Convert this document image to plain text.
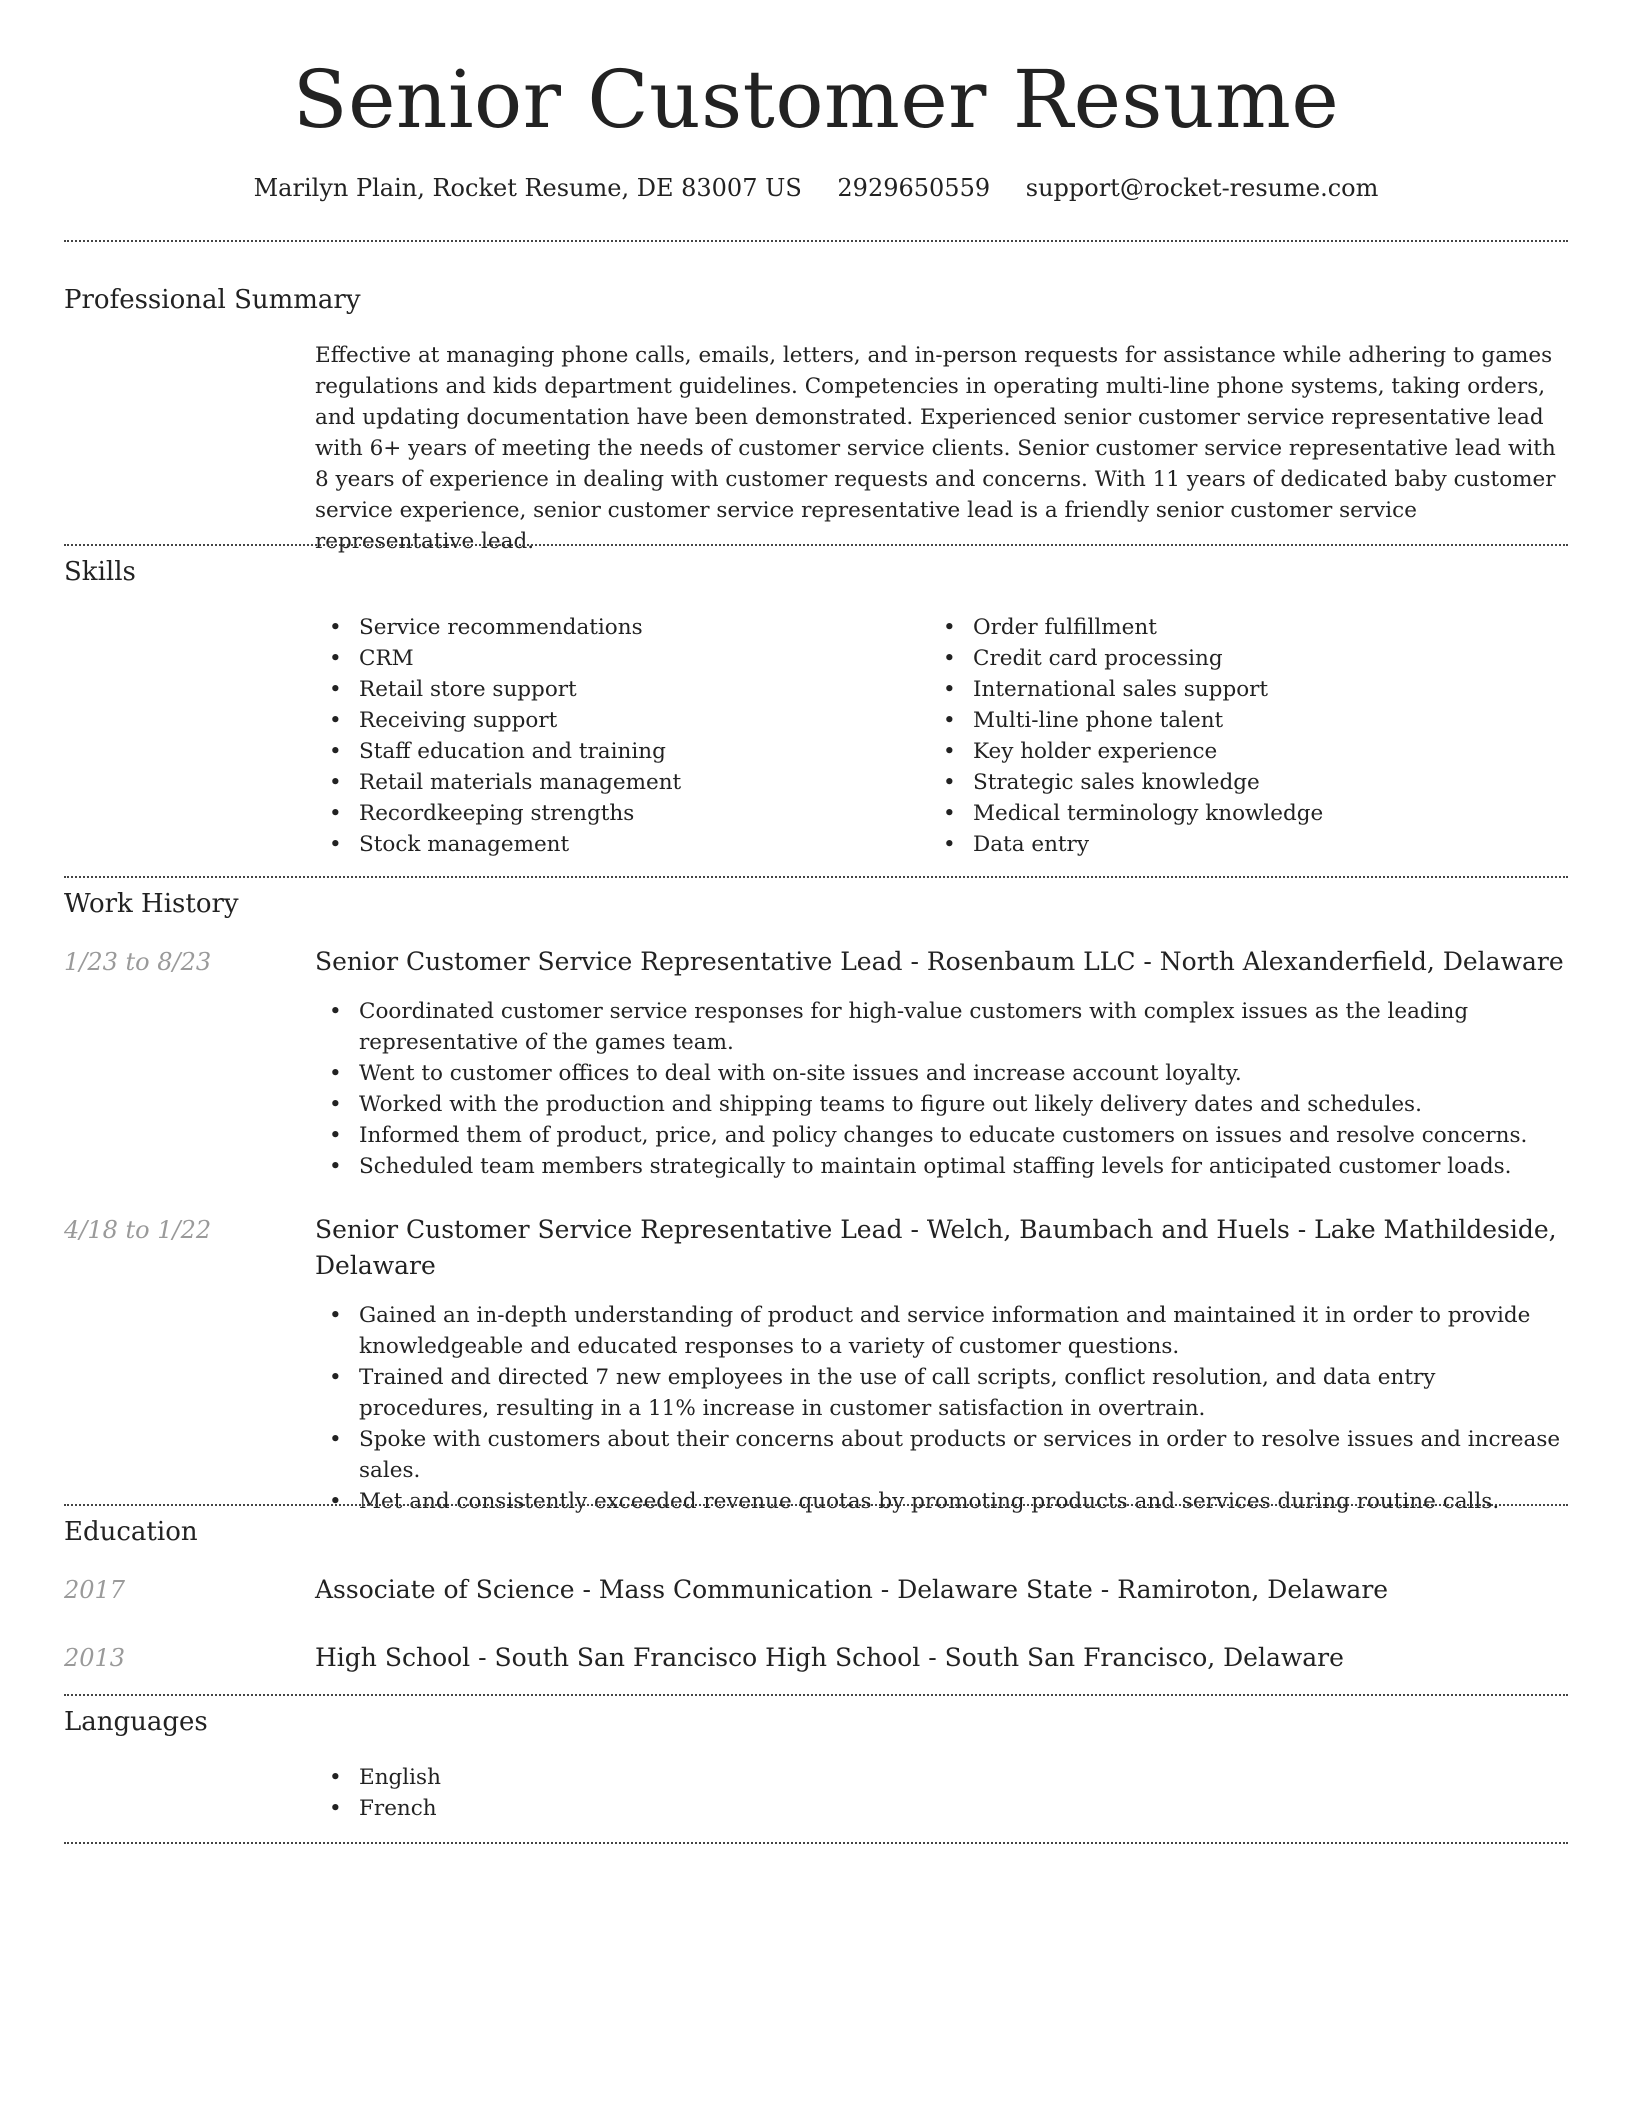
Senior Customer Resume
Marilyn Plain, Rocket Resume, DE 83007 US 2929650559 support@rocket-resume.com
Professional Summary
Effective at managing phone calls, emails, letters, and in-person requests for assistance while adhering to games regulations and kids department guidelines. Competencies in operating multi-line phone systems, taking orders, and updating documentation have been demonstrated. Experienced senior customer service representative lead with 6+ years of meeting the needs of customer service clients. Senior customer service representative lead with 8 years of experience in dealing with customer requests and concerns. With 11 years of dedicated baby customer service experience, senior customer service representative lead is a friendly senior customer service representative lead.
Skills
• Service recommendations
• CRM
• Retail store support
• Receiving support
• Staff education and training
• Retail materials management
• Recordkeeping strengths
• Stock management
• Order fulfillment
• Credit card processing
• International sales support
• Multi-line phone talent
• Key holder experience
• Strategic sales knowledge
• Medical terminology knowledge
• Data entry
Work History
1/23 to 8/23	Senior Customer Service Representative Lead - Rosenbaum LLC - North Alexanderfield, Delaware
• Coordinated customer service responses for high-value customers with complex issues as the leading representative of the games team.
• Went to customer offices to deal with on-site issues and increase account loyalty.
• Worked with the production and shipping teams to figure out likely delivery dates and schedules.
• Informed them of product, price, and policy changes to educate customers on issues and resolve concerns.
• Scheduled team members strategically to maintain optimal staffing levels for anticipated customer loads.
4/18 to 1/22	Senior Customer Service Representative Lead - Welch, Baumbach and Huels - Lake Mathildeside, Delaware
• Gained an in-depth understanding of product and service information and maintained it in order to provide knowledgeable and educated responses to a variety of customer questions.
• Trained and directed 7 new employees in the use of call scripts, conflict resolution, and data entry procedures, resulting in a 11% increase in customer satisfaction in overtrain.
• Spoke with customers about their concerns about products or services in order to resolve issues and increase sales.
• Met and consistently exceeded revenue quotas by promoting products and services during routine calls.
Education
2017	Associate of Science - Mass Communication - Delaware State - Ramiroton, Delaware
2013	High School - South San Francisco High School - South San Francisco, Delaware
Languages
• English
• French
